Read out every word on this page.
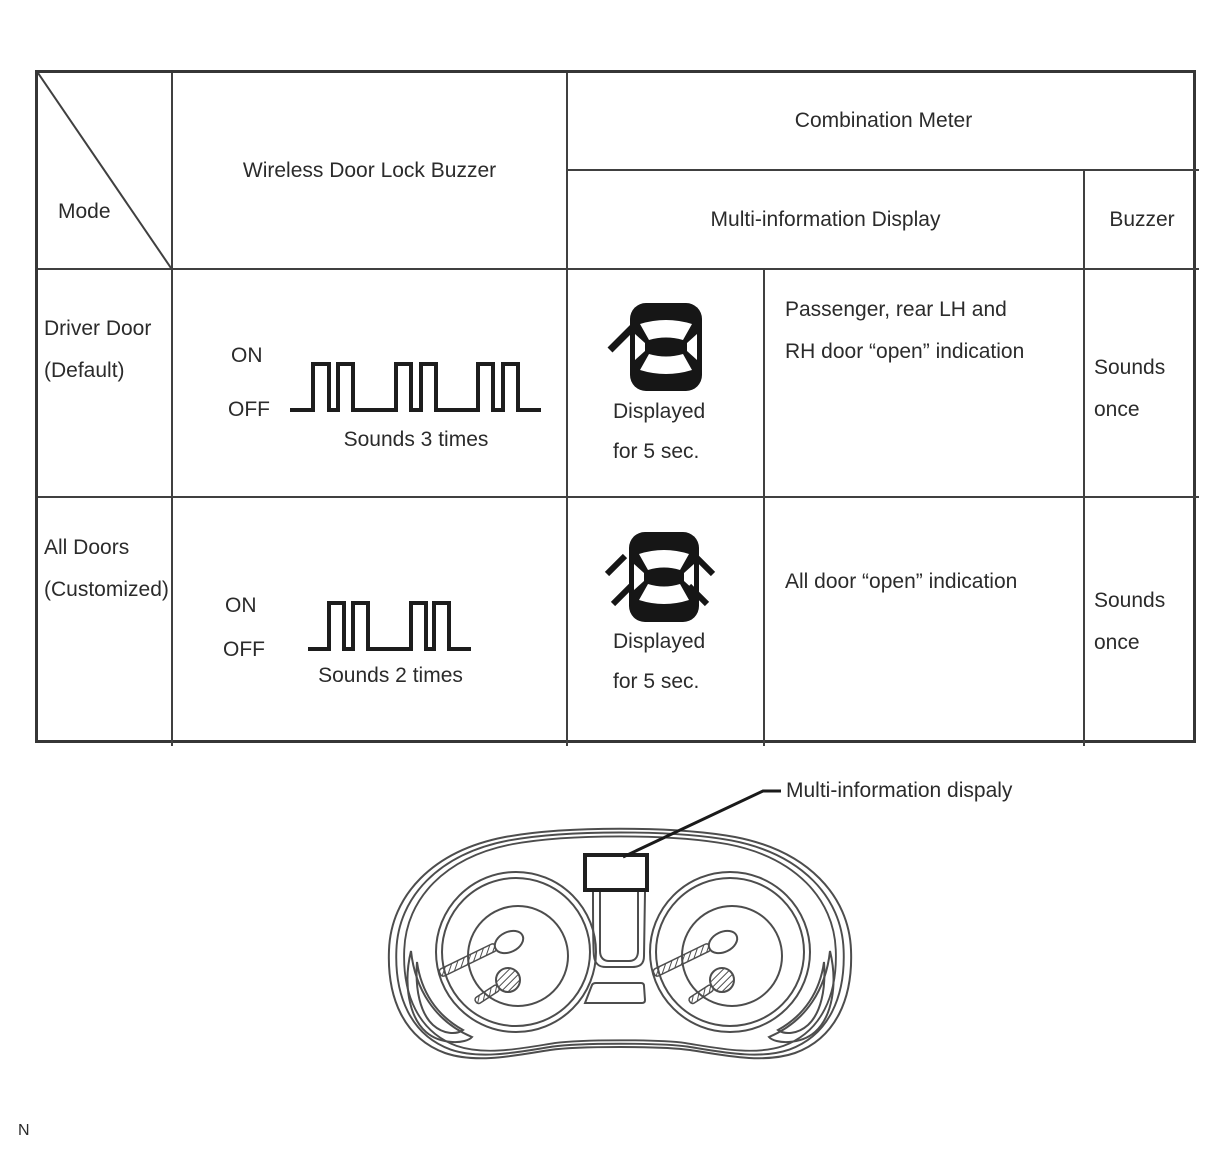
Mode
Wireless Door Lock Buzzer
Combination Meter
Multi-information Display	Buzzer
Driver Door
(Default)
ON
OFF
Sounds 3 times
Displayed
for 5 sec.
Passenger, rear LH and
RH door “open” indication
Sounds
once
All Doors
(Customized)
ON
OFF
Sounds 2 times
Displayed
for 5 sec.
All door “open” indication
Sounds
once
Multi-information dispaly
N
